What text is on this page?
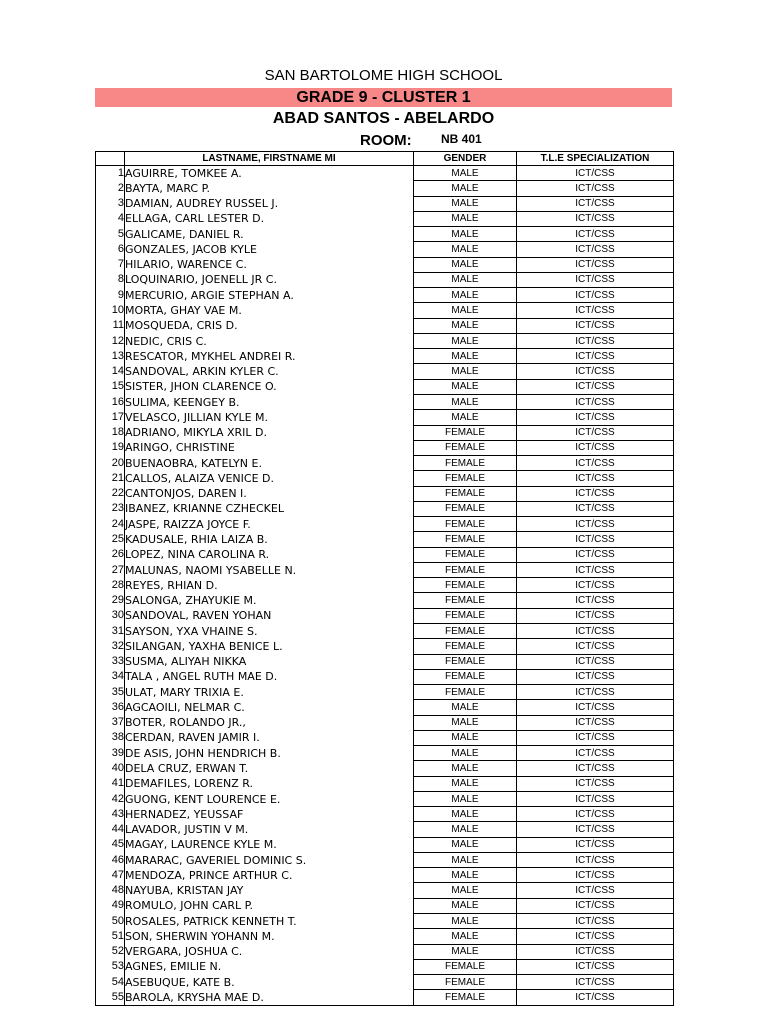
SAN BARTOLOME HIGH SCHOOL
GRADE 9 - CLUSTER 1
ABAD SANTOS - ABELARDO
ROOM: NB 401
	LASTNAME, FIRSTNAME MI	GENDER	T.L.E SPECIALIZATION
1	AGUIRRE, TOMKEE A.	MALE	ICT/CSS
2	BAYTA, MARC P.	MALE	ICT/CSS
3	DAMIAN, AUDREY RUSSEL J.	MALE	ICT/CSS
4	ELLAGA, CARL LESTER D.	MALE	ICT/CSS
5	GALICAME, DANIEL R.	MALE	ICT/CSS
6	GONZALES, JACOB KYLE	MALE	ICT/CSS
7	HILARIO, WARENCE C.	MALE	ICT/CSS
8	LOQUINARIO, JOENELL JR C.	MALE	ICT/CSS
9	MERCURIO, ARGIE STEPHAN A.	MALE	ICT/CSS
10	MORTA, GHAY VAE M.	MALE	ICT/CSS
11	MOSQUEDA, CRIS D.	MALE	ICT/CSS
12	NEDIC, CRIS C.	MALE	ICT/CSS
13	RESCATOR, MYKHEL ANDREI R.	MALE	ICT/CSS
14	SANDOVAL, ARKIN KYLER C.	MALE	ICT/CSS
15	SISTER, JHON CLARENCE O.	MALE	ICT/CSS
16	SULIMA, KEENGEY B.	MALE	ICT/CSS
17	VELASCO, JILLIAN KYLE M.	MALE	ICT/CSS
18	ADRIANO, MIKYLA XRIL D.	FEMALE	ICT/CSS
19	ARINGO, CHRISTINE	FEMALE	ICT/CSS
20	BUENAOBRA, KATELYN E.	FEMALE	ICT/CSS
21	CALLOS, ALAIZA VENICE D.	FEMALE	ICT/CSS
22	CANTONJOS, DAREN I.	FEMALE	ICT/CSS
23	IBANEZ, KRIANNE CZHECKEL	FEMALE	ICT/CSS
24	JASPE, RAIZZA JOYCE F.	FEMALE	ICT/CSS
25	KADUSALE, RHIA LAIZA B.	FEMALE	ICT/CSS
26	LOPEZ, NINA CAROLINA R.	FEMALE	ICT/CSS
27	MALUNAS, NAOMI YSABELLE N.	FEMALE	ICT/CSS
28	REYES, RHIAN D.	FEMALE	ICT/CSS
29	SALONGA, ZHAYUKIE M.	FEMALE	ICT/CSS
30	SANDOVAL, RAVEN YOHAN	FEMALE	ICT/CSS
31	SAYSON, YXA VHAINE S.	FEMALE	ICT/CSS
32	SILANGAN, YAXHA BENICE L.	FEMALE	ICT/CSS
33	SUSMA, ALIYAH NIKKA	FEMALE	ICT/CSS
34	TALA , ANGEL RUTH MAE D.	FEMALE	ICT/CSS
35	ULAT, MARY TRIXIA E.	FEMALE	ICT/CSS
36	AGCAOILI, NELMAR C.	MALE	ICT/CSS
37	BOTER, ROLANDO JR.,	MALE	ICT/CSS
38	CERDAN, RAVEN JAMIR I.	MALE	ICT/CSS
39	DE ASIS, JOHN HENDRICH B.	MALE	ICT/CSS
40	DELA CRUZ, ERWAN T.	MALE	ICT/CSS
41	DEMAFILES, LORENZ R.	MALE	ICT/CSS
42	GUONG, KENT LOURENCE E.	MALE	ICT/CSS
43	HERNADEZ, YEUSSAF	MALE	ICT/CSS
44	LAVADOR, JUSTIN V M.	MALE	ICT/CSS
45	MAGAY, LAURENCE KYLE M.	MALE	ICT/CSS
46	MARARAC, GAVERIEL DOMINIC S.	MALE	ICT/CSS
47	MENDOZA, PRINCE ARTHUR C.	MALE	ICT/CSS
48	NAYUBA, KRISTAN JAY	MALE	ICT/CSS
49	ROMULO, JOHN CARL P.	MALE	ICT/CSS
50	ROSALES, PATRICK KENNETH T.	MALE	ICT/CSS
51	SON, SHERWIN YOHANN M.	MALE	ICT/CSS
52	VERGARA, JOSHUA C.	MALE	ICT/CSS
53	AGNES, EMILIE N.	FEMALE	ICT/CSS
54	ASEBUQUE, KATE B.	FEMALE	ICT/CSS
55	BAROLA, KRYSHA MAE D.	FEMALE	ICT/CSS
